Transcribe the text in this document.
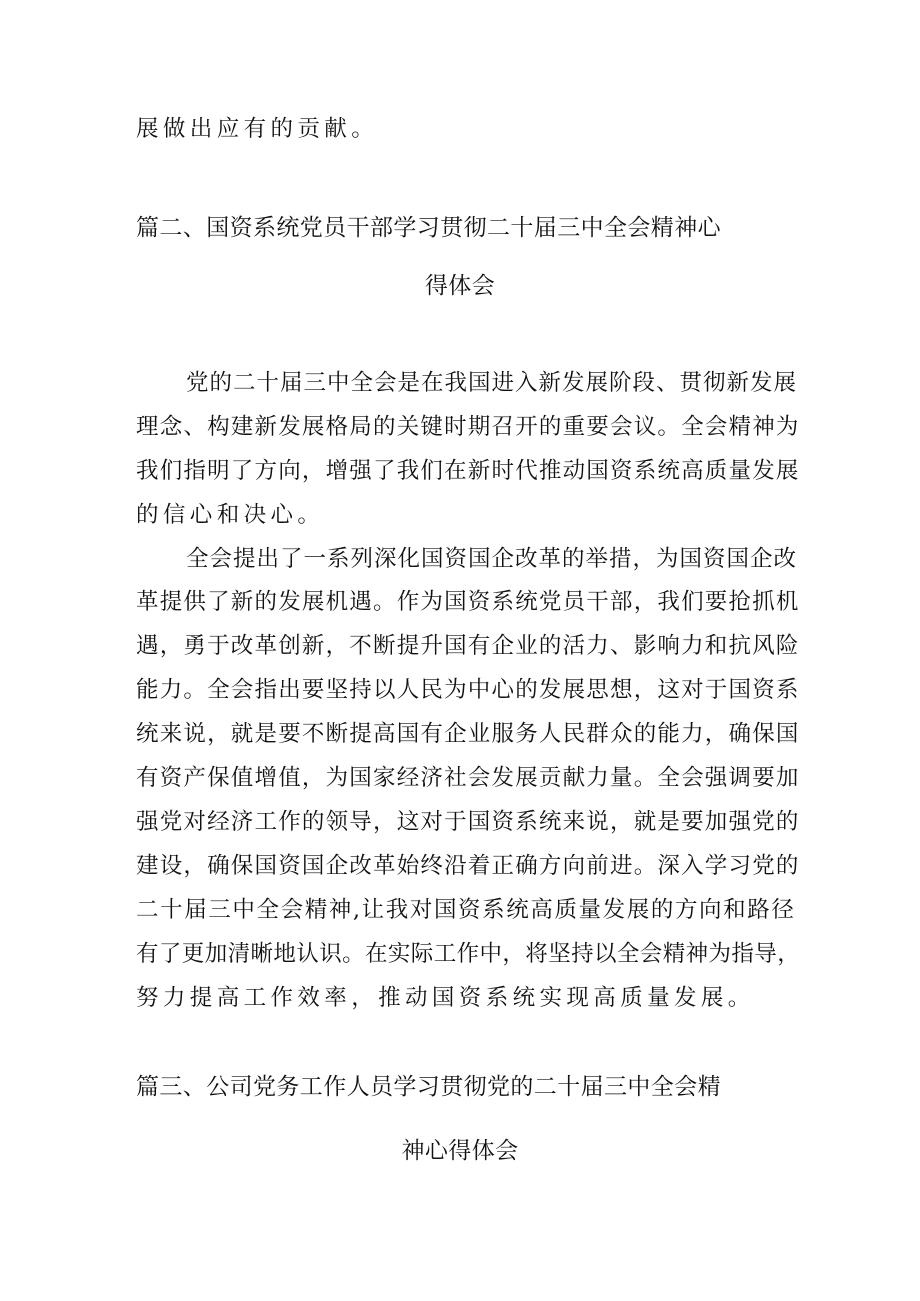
展做出应有的贡献。
篇二、国资系统党员干部学习贯彻二十届三中全会精神心
得体会
党的二十届三中全会是在我国进入新发展阶段、贯彻新发展
理念、构建新发展格局的关键时期召开的重要会议。全会精神为
我们指明了方向，增强了我们在新时代推动国资系统高质量发展
的信心和决心。
全会提出了一系列深化国资国企改革的举措，为国资国企改
革提供了新的发展机遇。作为国资系统党员干部，我们要抢抓机
遇，勇于改革创新，不断提升国有企业的活力、影响力和抗风险
能力。全会指出要坚持以人民为中心的发展思想，这对于国资系
统来说，就是要不断提高国有企业服务人民群众的能力，确保国
有资产保值增值，为国家经济社会发展贡献力量。全会强调要加
强党对经济工作的领导，这对于国资系统来说，就是要加强党的
建设，确保国资国企改革始终沿着正确方向前进。深入学习党的
二十届三中全会精神,让我对国资系统高质量发展的方向和路径
有了更加清晰地认识。在实际工作中，将坚持以全会精神为指导，
努力提高工作效率，推动国资系统实现高质量发展。
篇三、公司党务工作人员学习贯彻党的二十届三中全会精
神心得体会
